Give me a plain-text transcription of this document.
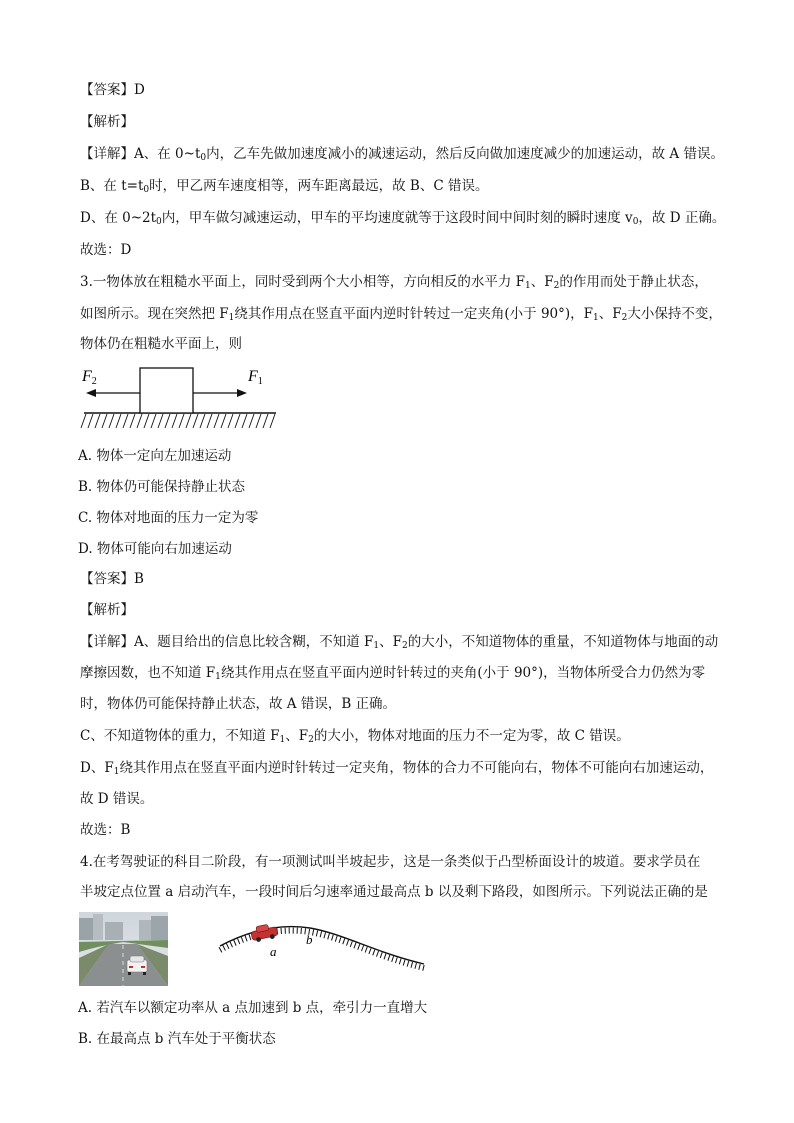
【答案】D
【解析】
【详解】A、在 $0\sim t_0$内，乙车先做加速度减小的减速运动，然后反向做加速度减少的加速运动，故 A 错误。
B、在 $t=t_0$时，甲乙两车速度相等，两车距离最远，故 B、C 错误。
D、在 $0\sim 2t_0$内，甲车做匀减速运动，甲车的平均速度就等于这段时间中间时刻的瞬时速度 $v_0$，故 D 正确。
故选：D
3.一物体放在粗糙水平面上，同时受到两个大小相等，方向相反的水平力 $F_1$、$F_2$的作用而处于静止状态，
如图所示。现在突然把 $F_1$绕其作用点在竖直平面内逆时针转过一定夹角(小于 90°)，$F_1$、$F_2$大小保持不变，
物体仍在粗糙水平面上，则
F2	F1
A. 物体一定向左加速运动
B. 物体仍可能保持静止状态
C. 物体对地面的压力一定为零
D. 物体可能向右加速运动
【答案】B
【解析】
【详解】A、题目给出的信息比较含糊，不知道 $F_1$、$F_2$的大小，不知道物体的重量，不知道物体与地面的动
摩擦因数，也不知道 $F_1$绕其作用点在竖直平面内逆时针转过的夹角(小于 90°)，当物体所受合力仍然为零
时，物体仍可能保持静止状态，故 A 错误，B 正确。
C、不知道物体的重力，不知道 $F_1$、$F_2$的大小，物体对地面的压力不一定为零，故 C 错误。
D、$F_1$绕其作用点在竖直平面内逆时针转过一定夹角，物体的合力不可能向右，物体不可能向右加速运动，
故 D 错误。
故选：B
4.在考驾驶证的科目二阶段，有一项测试叫半坡起步，这是一条类似于凸型桥面设计的坡道。要求学员在
半坡定点位置 a 启动汽车，一段时间后匀速率通过最高点 b 以及剩下路段，如图所示。下列说法正确的是
a
b
A. 若汽车以额定功率从 a 点加速到 b 点，牵引力一直增大
B. 在最高点 b 汽车处于平衡状态
